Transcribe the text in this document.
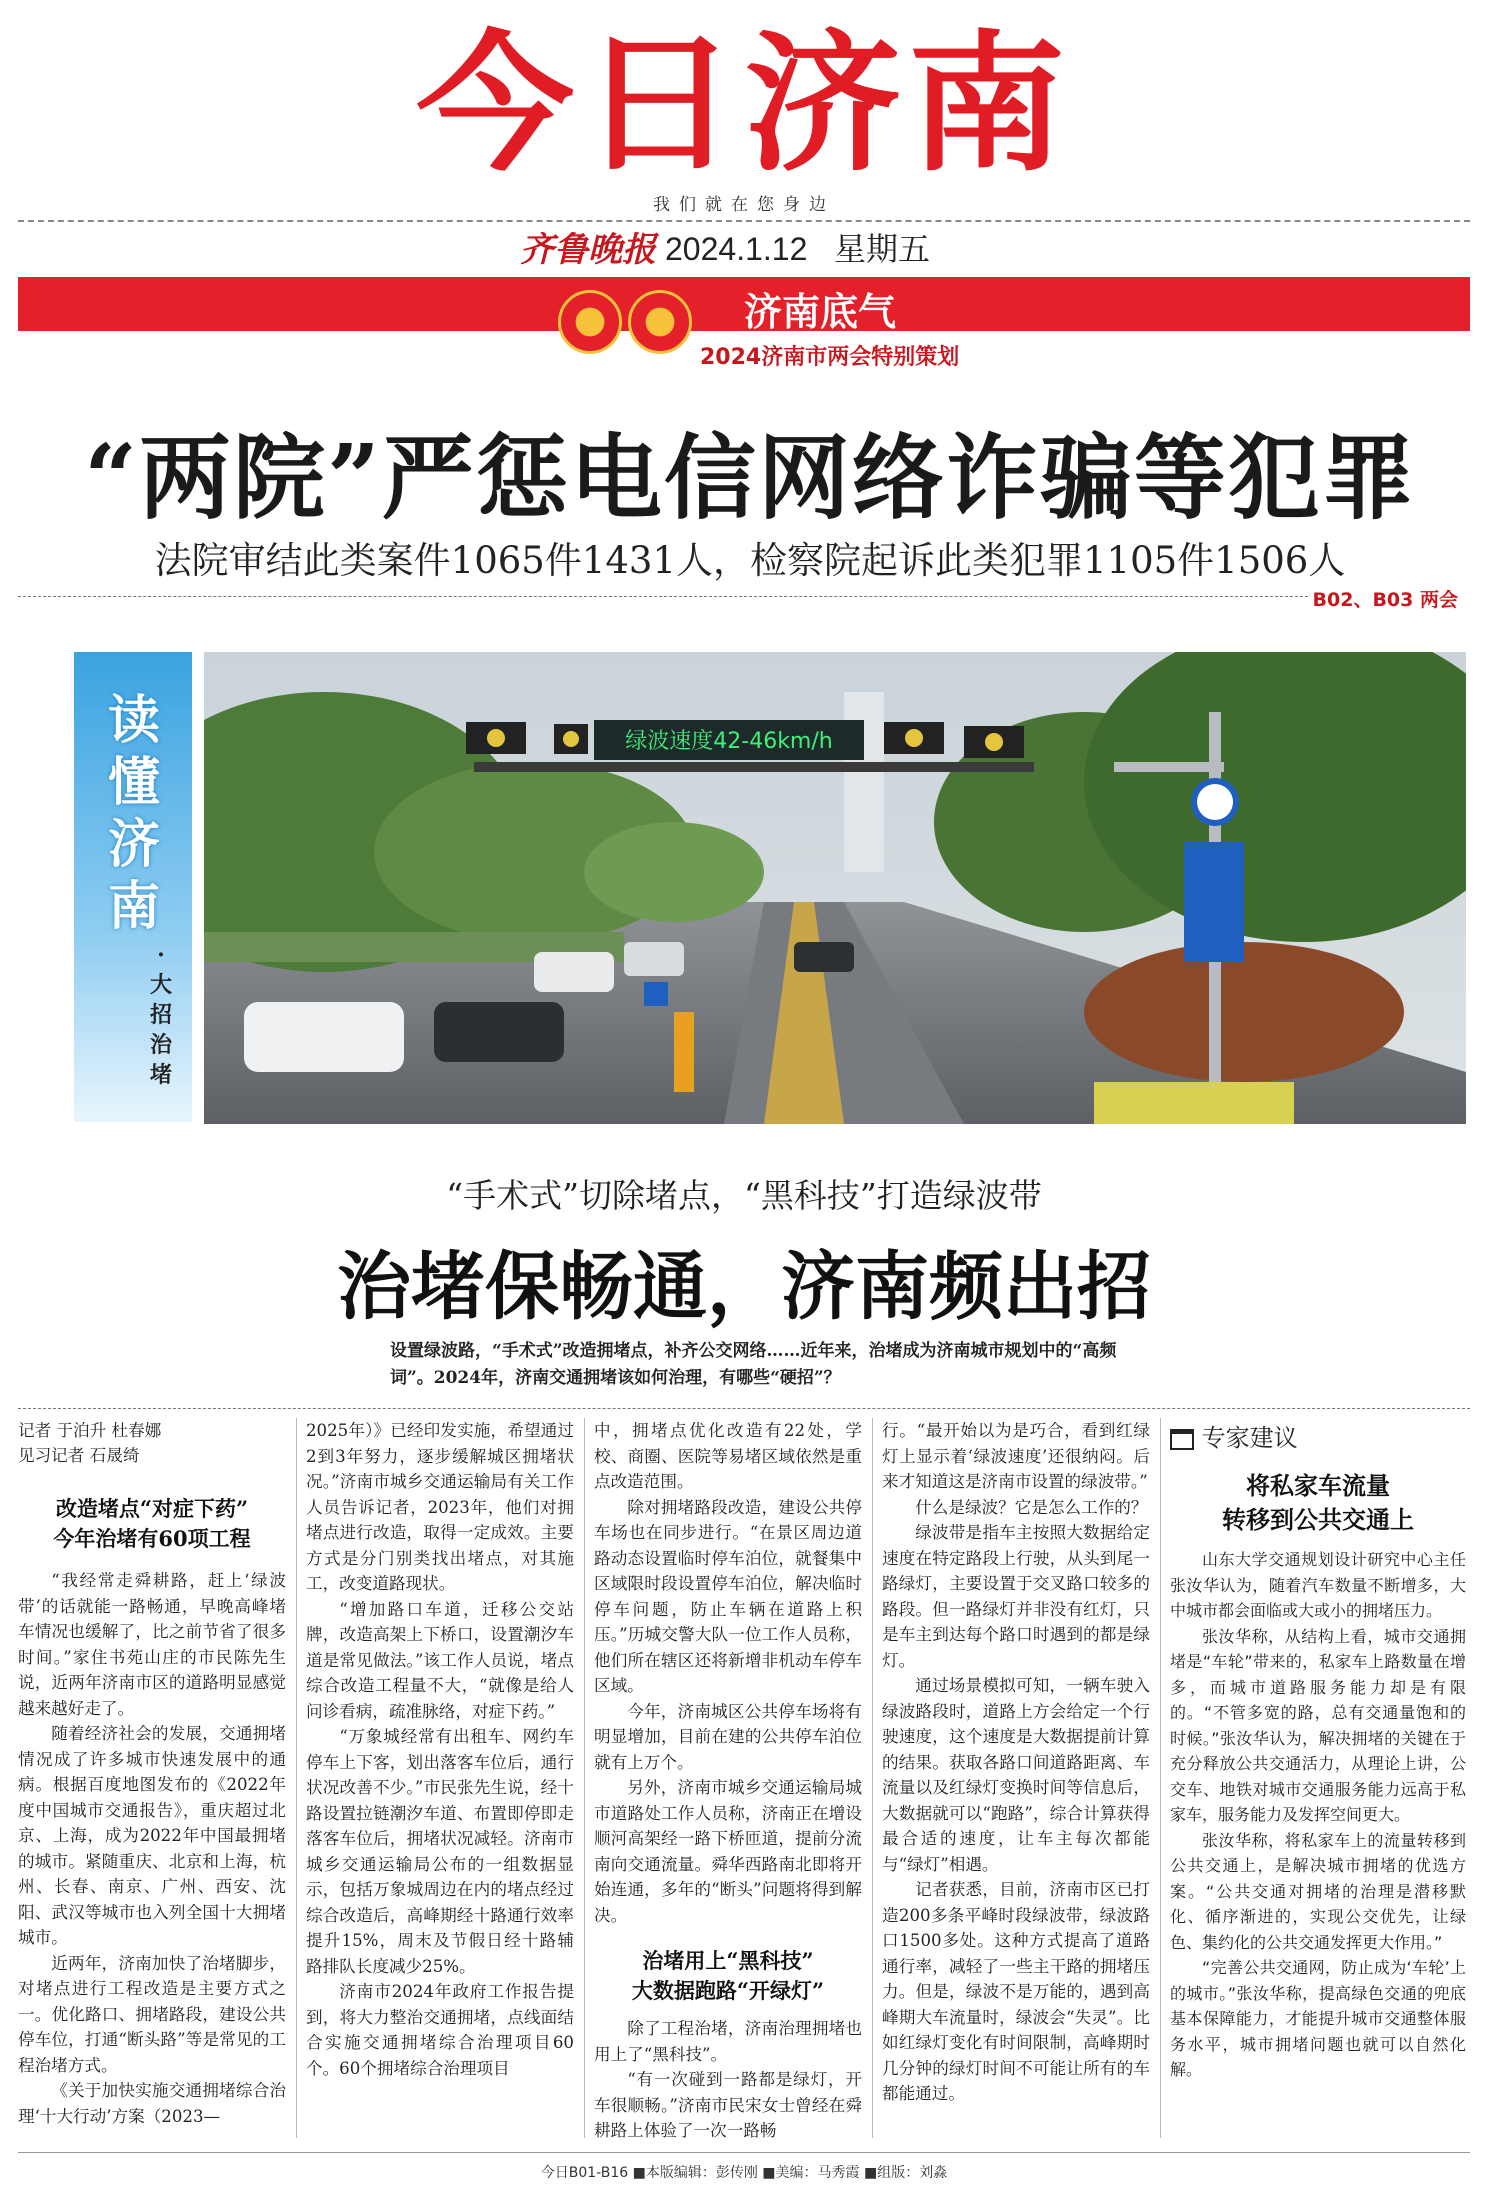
今日济南
我们就在您身边
齐鲁晚报 2024.1.12 星期五
济南底气
2024济南市两会特别策划
“两院”严惩电信网络诈骗等犯罪
法院审结此类案件1065件1431人，检察院起诉此类犯罪1105件1506人
B02、B03 两会
读懂济南
·
大招治堵
绿波速度42-46km/h
“手术式”切除堵点，“黑科技”打造绿波带
治堵保畅通，济南频出招
设置绿波路，“手术式”改造拥堵点，补齐公交网络……近年来，治堵成为济南城市规划中的“高频词”。2024年，济南交通拥堵该如何治理，有哪些“硬招”？
记者 于泊升 杜春娜
见习记者 石晟绮
改造堵点“对症下药”
今年治堵有60项工程

“我经常走舜耕路，赶上‘绿波带’的话就能一路畅通，早晚高峰堵车情况也缓解了，比之前节省了很多时间。”家住书苑山庄的市民陈先生说，近两年济南市区的道路明显感觉越来越好走了。

随着经济社会的发展，交通拥堵情况成了许多城市快速发展中的通病。根据百度地图发布的《2022年度中国城市交通报告》，重庆超过北京、上海，成为2022年中国最拥堵的城市。紧随重庆、北京和上海，杭州、长春、南京、广州、西安、沈阳、武汉等城市也入列全国十大拥堵城市。

近两年，济南加快了治堵脚步，对堵点进行工程改造是主要方式之一。优化路口、拥堵路段，建设公共停车位，打通“断头路”等是常见的工程治堵方式。

《关于加快实施交通拥堵综合治理‘十大行动’方案（2023—

2025年）》已经印发实施，希望通过2到3年努力，逐步缓解城区拥堵状况。”济南市城乡交通运输局有关工作人员告诉记者，2023年，他们对拥堵点进行改造，取得一定成效。主要方式是分门别类找出堵点，对其施工，改变道路现状。

“增加路口车道，迁移公交站牌，改造高架上下桥口，设置潮汐车道是常见做法。”该工作人员说，堵点综合改造工程量不大，“就像是给人问诊看病，疏准脉络，对症下药。”

“万象城经常有出租车、网约车停车上下客，划出落客车位后，通行状况改善不少。”市民张先生说，经十路设置拉链潮汐车道、布置即停即走落客车位后，拥堵状况减轻。济南市城乡交通运输局公布的一组数据显示，包括万象城周边在内的堵点经过综合改造后，高峰期经十路通行效率提升15%，周末及节假日经十路辅路排队长度减少25%。

济南市2024年政府工作报告提到，将大力整治交通拥堵，点线面结合实施交通拥堵综合治理项目60个。60个拥堵综合治理项目

中，拥堵点优化改造有22处，学校、商圈、医院等易堵区域依然是重点改造范围。

除对拥堵路段改造，建设公共停车场也在同步进行。“在景区周边道路动态设置临时停车泊位，就餐集中区域限时段设置停车泊位，解决临时停车问题，防止车辆在道路上积压。”历城交警大队一位工作人员称，他们所在辖区还将新增非机动车停车区域。

今年，济南城区公共停车场将有明显增加，目前在建的公共停车泊位就有上万个。

另外，济南市城乡交通运输局城市道路处工作人员称，济南正在增设顺河高架经一路下桥匝道，提前分流南向交通流量。舜华西路南北即将开始连通，多年的“断头”问题将得到解决。

治堵用上“黑科技”
大数据跑路“开绿灯”

除了工程治堵，济南治理拥堵也用上了“黑科技”。

“有一次碰到一路都是绿灯，开车很顺畅。”济南市民宋女士曾经在舜耕路上体验了一次一路畅

行。“最开始以为是巧合，看到红绿灯上显示着‘绿波速度’还很纳闷。后来才知道这是济南市设置的绿波带。”

什么是绿波？它是怎么工作的？

绿波带是指车主按照大数据给定速度在特定路段上行驶，从头到尾一路绿灯，主要设置于交叉路口较多的路段。但一路绿灯并非没有红灯，只是车主到达每个路口时遇到的都是绿灯。

通过场景模拟可知，一辆车驶入绿波路段时，道路上方会给定一个行驶速度，这个速度是大数据提前计算的结果。获取各路口间道路距离、车流量以及红绿灯变换时间等信息后，大数据就可以“跑路”，综合计算获得最合适的速度，让车主每次都能与“绿灯”相遇。

记者获悉，目前，济南市区已打造200多条平峰时段绿波带，绿波路口1500多处。这种方式提高了道路通行率，减轻了一些主干路的拥堵压力。但是，绿波不是万能的，遇到高峰期大车流量时，绿波会“失灵”。比如红绿灯变化有时间限制，高峰期时几分钟的绿灯时间不可能让所有的车都能通过。

专家建议
将私家车流量
转移到公共交通上

山东大学交通规划设计研究中心主任张汝华认为，随着汽车数量不断增多，大中城市都会面临或大或小的拥堵压力。

张汝华称，从结构上看，城市交通拥堵是“车轮”带来的，私家车上路数量在增多，而城市道路服务能力却是有限的。“不管多宽的路，总有交通量饱和的时候。”张汝华认为，解决拥堵的关键在于充分释放公共交通活力，从理论上讲，公交车、地铁对城市交通服务能力远高于私家车，服务能力及发挥空间更大。

张汝华称，将私家车上的流量转移到公共交通上，是解决城市拥堵的优选方案。“公共交通对拥堵的治理是潜移默化、循序渐进的，实现公交优先，让绿色、集约化的公共交通发挥更大作用。”

“完善公共交通网，防止成为‘车轮’上的城市。”张汝华称，提高绿色交通的兜底基本保障能力，才能提升城市交通整体服务水平，城市拥堵问题也就可以自然化解。

今日B01-B16 ■本版编辑：彭传刚 ■美编：马秀霞 ■组版：刘淼
